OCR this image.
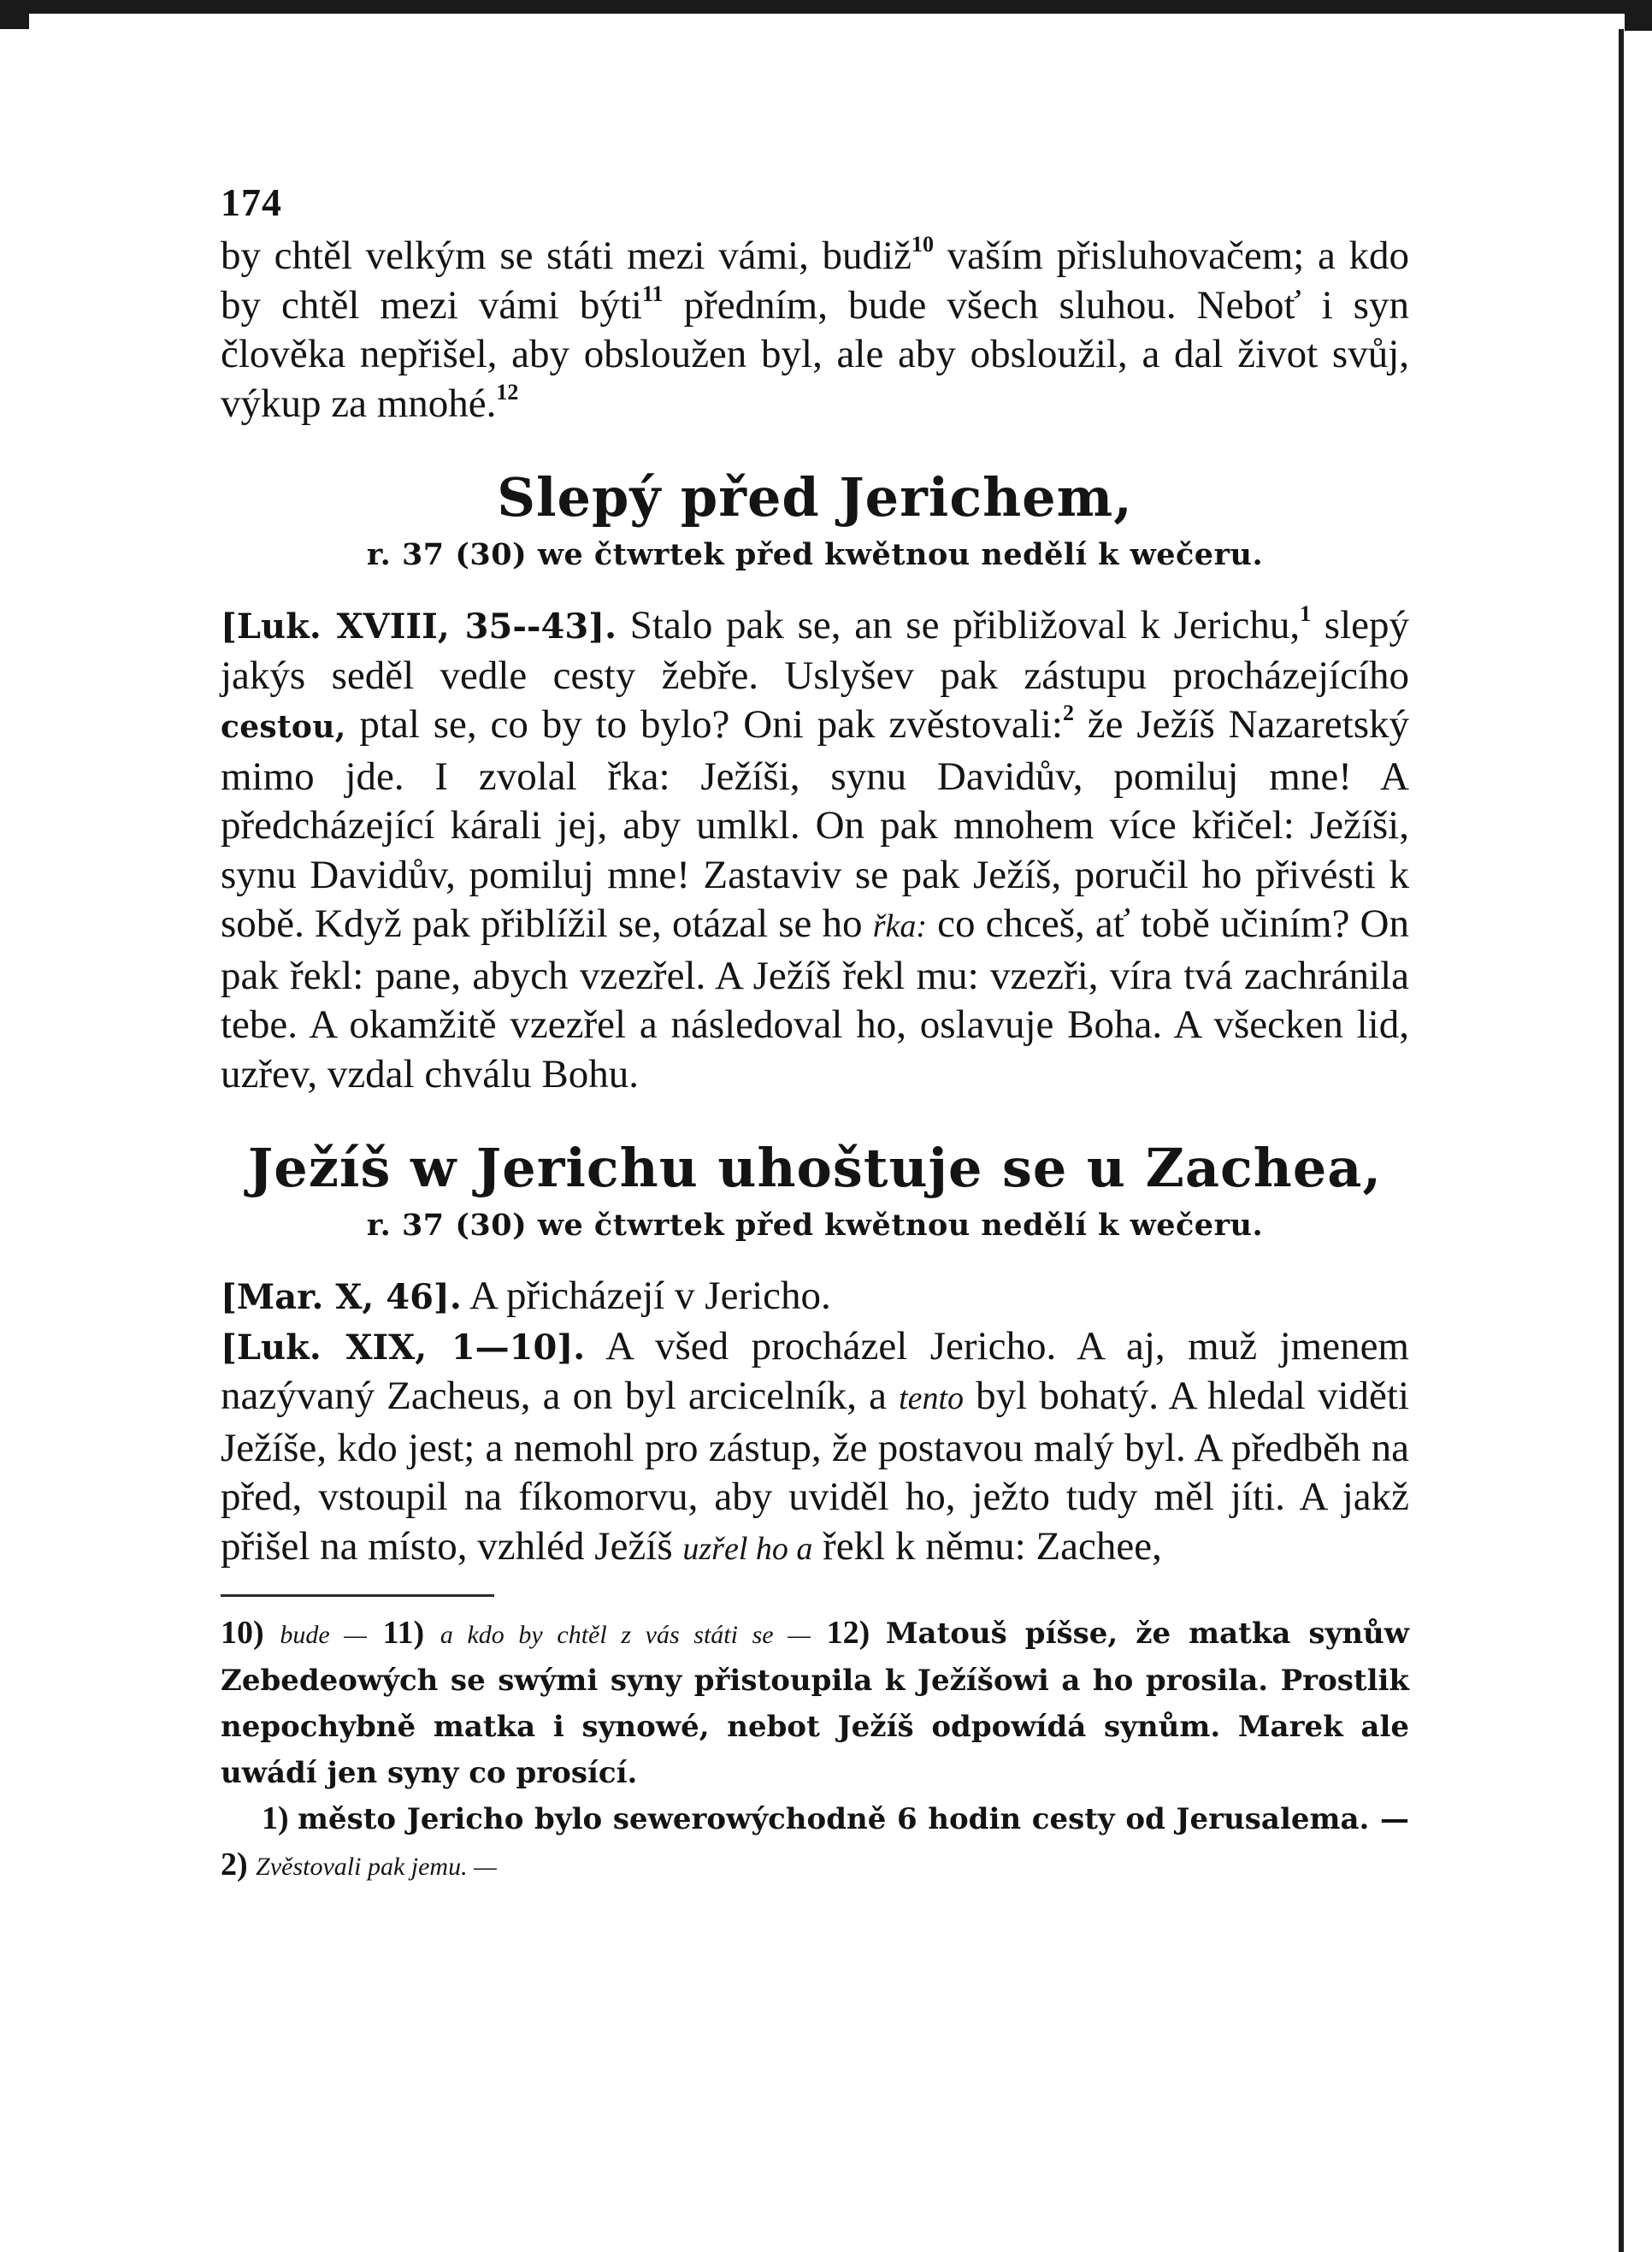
174

by chtěl velkým se státi mezi vámi, budiž$^{10}$ vaším přisluhovačem; a kdo by chtěl mezi vámi býti$^{11}$ předním, bude všech sluhou. Neboť i syn člověka nepřišel, aby obsloužen byl, ale aby obsloužil, a dal život svůj, výkup za mnohé.$^{12}$

Slepý před Jerichem,
r. 37 (30) we čtwrtek před kwětnou nedělí k wečeru.

[Luk. XVIII, 35--43]. Stalo pak se, an se přibližoval k Jerichu,$^1$ slepý jakýs seděl vedle cesty žebře. Uslyšev pak zástupu procházejícího cestou, ptal se, co by to bylo? Oni pak zvěstovali:$^2$ že Ježíš Nazaretský mimo jde. I zvolal řka: Ježíši, synu Davidův, pomiluj mne! A předcházející kárali jej, aby umlkl. On pak mnohem více křičel: Ježíši, synu Davidův, pomiluj mne! Zastaviv se pak Ježíš, poručil ho přivésti k sobě. Když pak přiblížil se, otázal se ho řka: co chceš, ať tobě učiním? On pak řekl: pane, abych vzezřel. A Ježíš řekl mu: vzezři, víra tvá zachránila tebe. A okamžitě vzezřel a následoval ho, oslavuje Boha. A všecken lid, uzřev, vzdal chválu Bohu.

Ježíš w Jerichu uhoštuje se u Zachea,
r. 37 (30) we čtwrtek před kwětnou nedělí k wečeru.

[Mar. X, 46]. A přicházejí v Jericho.

[Luk. XIX, 1—10]. A všed procházel Jericho. A aj, muž jmenem nazývaný Zacheus, a on byl arcicelník, a tento byl bohatý. A hledal viděti Ježíše, kdo jest; a nemohl pro zástup, že postavou malý byl. A předběh na před, vstoupil na fíkomorvu, aby uviděl ho, ježto tudy měl jíti. A jakž přišel na místo, vzhléd Ježíš uzřel ho a řekl k němu: Zachee,

10) bude — 11) a kdo by chtěl z vás státi se — 12) Matouš píšse, že matka synůw Zebedeowých se swými syny přistoupila k Ježíšowi a ho prosila. Prostlik nepochybně matka i synowé, nebot Ježíš odpowídá synům. Marek ale uwádí jen syny co prosící.
1) město Jericho bylo sewerowýchodně 6 hodin cesty od Jerusalema. — 2) Zvěstovali pak jemu. —
